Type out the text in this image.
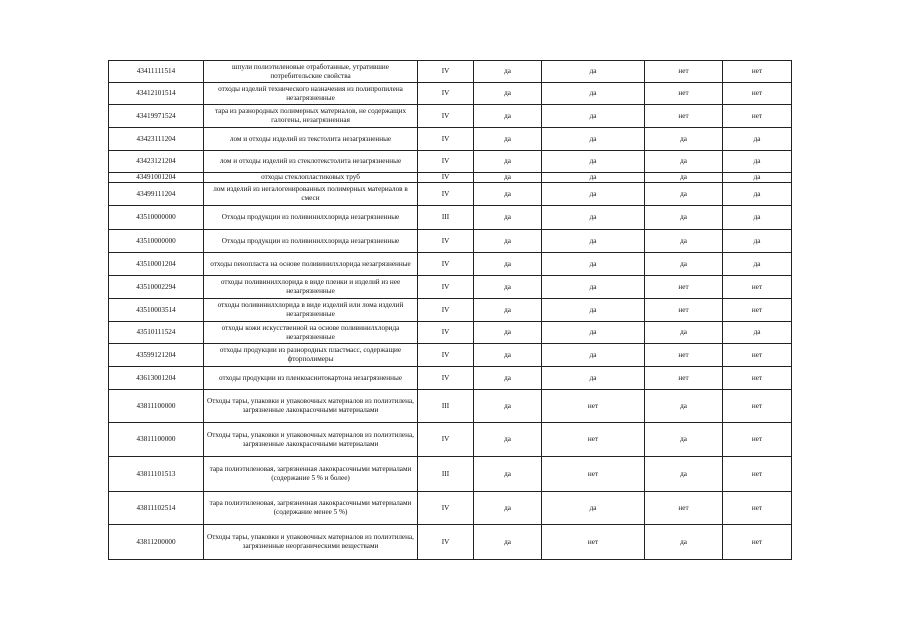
43411111514	шпули полиэтиленовые отработанные, утратившие потребительские свойства	IV	да	да	нет	нет
43412101514	отходы изделий технического назначения из полипропилена незагрязненные	IV	да	да	нет	нет
43419971524	тара из разнородных полимерных материалов, не содержащих галогены, незагрязненная	IV	да	да	нет	нет
43423111204	лом и отходы изделий из текстолита незагрязненные	IV	да	да	да	да
43423121204	лом и отходы изделий из стеклотекстолита незагрязненные	IV	да	да	да	да
43491001204	отходы стеклопластиковых труб	IV	да	да	да	да
43499111204	лом изделий из негалогенированных полимерных материалов в смеси	IV	да	да	да	да
43510000000	Отходы продукции из поливинилхлорида незагрязненные	III	да	да	да	да
43510000000	Отходы продукции из поливинилхлорида незагрязненные	IV	да	да	да	да
43510001204	отходы пенопласта на основе поливинилхлорида незагрязненные	IV	да	да	да	да
43510002294	отходы поливинилхлорида в виде пленки и изделий из нее незагрязненные	IV	да	да	нет	нет
43510003514	отходы поливинилхлорида в виде изделий или лома изделий незагрязненные	IV	да	да	нет	нет
43510111524	отходы кожи искусственной на основе поливинилхлорида незагрязненные	IV	да	да	да	да
43599121204	отходы продукции из разнородных пластмасс, содержащие фторполимеры	IV	да	да	нет	нет
43613001204	отходы продукции из пленкоасинтокартона незагрязненные	IV	да	да	нет	нет
43811100000	Отходы тары, упаковки и упаковочных материалов из полиэтилена, загрязненные лакокрасочными материалами	III	да	нет	да	нет
43811100000	Отходы тары, упаковки и упаковочных материалов из полиэтилена, загрязненные лакокрасочными материалами	IV	да	нет	да	нет
43811101513	тара полиэтиленовая, загрязненная лакокрасочными материалами (содержание 5 % и более)	III	да	нет	да	нет
43811102514	тара полиэтиленовая, загрязненная лакокрасочными материалами (содержание менее 5 %)	IV	да	да	нет	нет
43811200000	Отходы тары, упаковки и упаковочных материалов из полиэтилена, загрязненные неорганическими веществами	IV	да	нет	да	нет
